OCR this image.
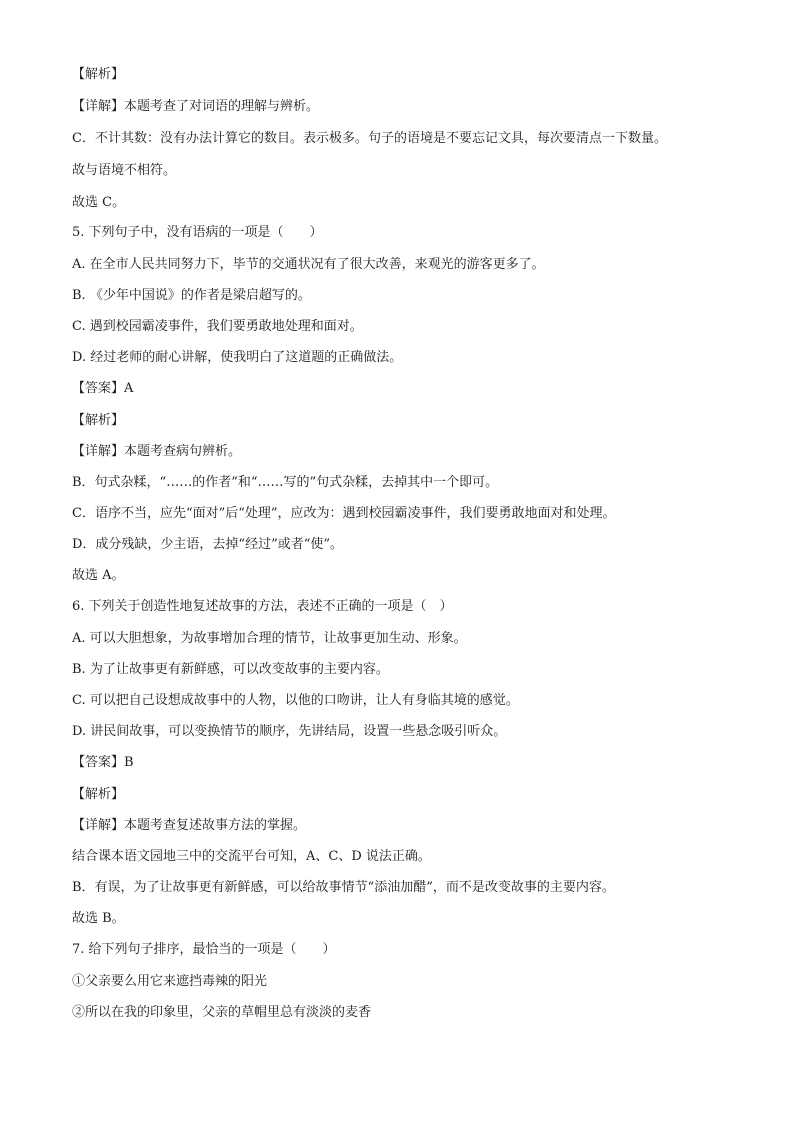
【解析】
【详解】本题考查了对词语的理解与辨析。
C．不计其数：没有办法计算它的数目。表示极多。句子的语境是不要忘记文具，每次要清点一下数量。
故与语境不相符。
故选 C。
5. 下列句子中，没有语病的一项是（　　）
A. 在全市人民共同努力下，毕节的交通状况有了很大改善，来观光的游客更多了。
B. 《少年中国说》的作者是梁启超写的。
C. 遇到校园霸凌事件，我们要勇敢地处理和面对。
D. 经过老师的耐心讲解，使我明白了这道题的正确做法。
【答案】A
【解析】
【详解】本题考查病句辨析。
B．句式杂糅，“……的作者”和“……写的”句式杂糅，去掉其中一个即可。
C．语序不当，应先“面对”后“处理”，应改为：遇到校园霸凌事件，我们要勇敢地面对和处理。
D．成分残缺，少主语，去掉“经过”或者“使”。
故选 A。
6. 下列关于创造性地复述故事的方法，表述不正确的一项是（　）
A. 可以大胆想象，为故事增加合理的情节，让故事更加生动、形象。
B. 为了让故事更有新鲜感，可以改变故事的主要内容。
C. 可以把自己设想成故事中的人物，以他的口吻讲，让人有身临其境的感觉。
D. 讲民间故事，可以变换情节的顺序，先讲结局，设置一些悬念吸引听众。
【答案】B
【解析】
【详解】本题考查复述故事方法的掌握。
结合课本语文园地三中的交流平台可知，A、C、D 说法正确。
B．有误，为了让故事更有新鲜感，可以给故事情节“添油加醋”，而不是改变故事的主要内容。
故选 B。
7. 给下列句子排序，最恰当的一项是（　　）
①父亲要么用它来遮挡毒辣的阳光
②所以在我的印象里，父亲的草帽里总有淡淡的麦香
